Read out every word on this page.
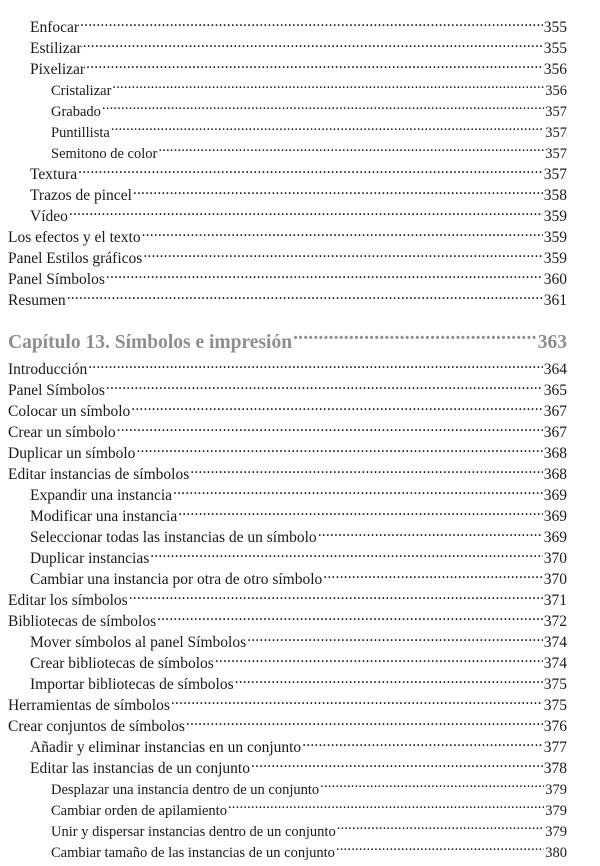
Enfocar .....	355
Estilizar .....	355
Pixelizar .....	356
Cristalizar .....	356
Grabado .....	357
Puntillista .....	357
Semitono de color .....	357
Textura .....	357
Trazos de pincel .....	358
Vídeo .....	359
Los efectos y el texto .....	359
Panel Estilos gráficos .....	359
Panel Símbolos .....	360
Resumen .....	361
Capítulo 13. Símbolos e impresión .....	363
Introducción .....	364
Panel Símbolos .....	365
Colocar un símbolo .....	367
Crear un símbolo .....	367
Duplicar un símbolo .....	368
Editar instancias de símbolos .....	368
Expandir una instancia .....	369
Modificar una instancia .....	369
Seleccionar todas las instancias de un símbolo .....	369
Duplicar instancias .....	370
Cambiar una instancia por otra de otro símbolo .....	370
Editar los símbolos .....	371
Bibliotecas de símbolos .....	372
Mover símbolos al panel Símbolos .....	374
Crear bibliotecas de símbolos .....	374
Importar bibliotecas de símbolos .....	375
Herramientas de símbolos .....	375
Crear conjuntos de símbolos .....	376
Añadir y eliminar instancias en un conjunto .....	377
Editar las instancias de un conjunto .....	378
Desplazar una instancia dentro de un conjunto .....	379
Cambiar orden de apilamiento .....	379
Unir y dispersar instancias dentro de un conjunto .....	379
Cambiar tamaño de las instancias de un conjunto .....	380
